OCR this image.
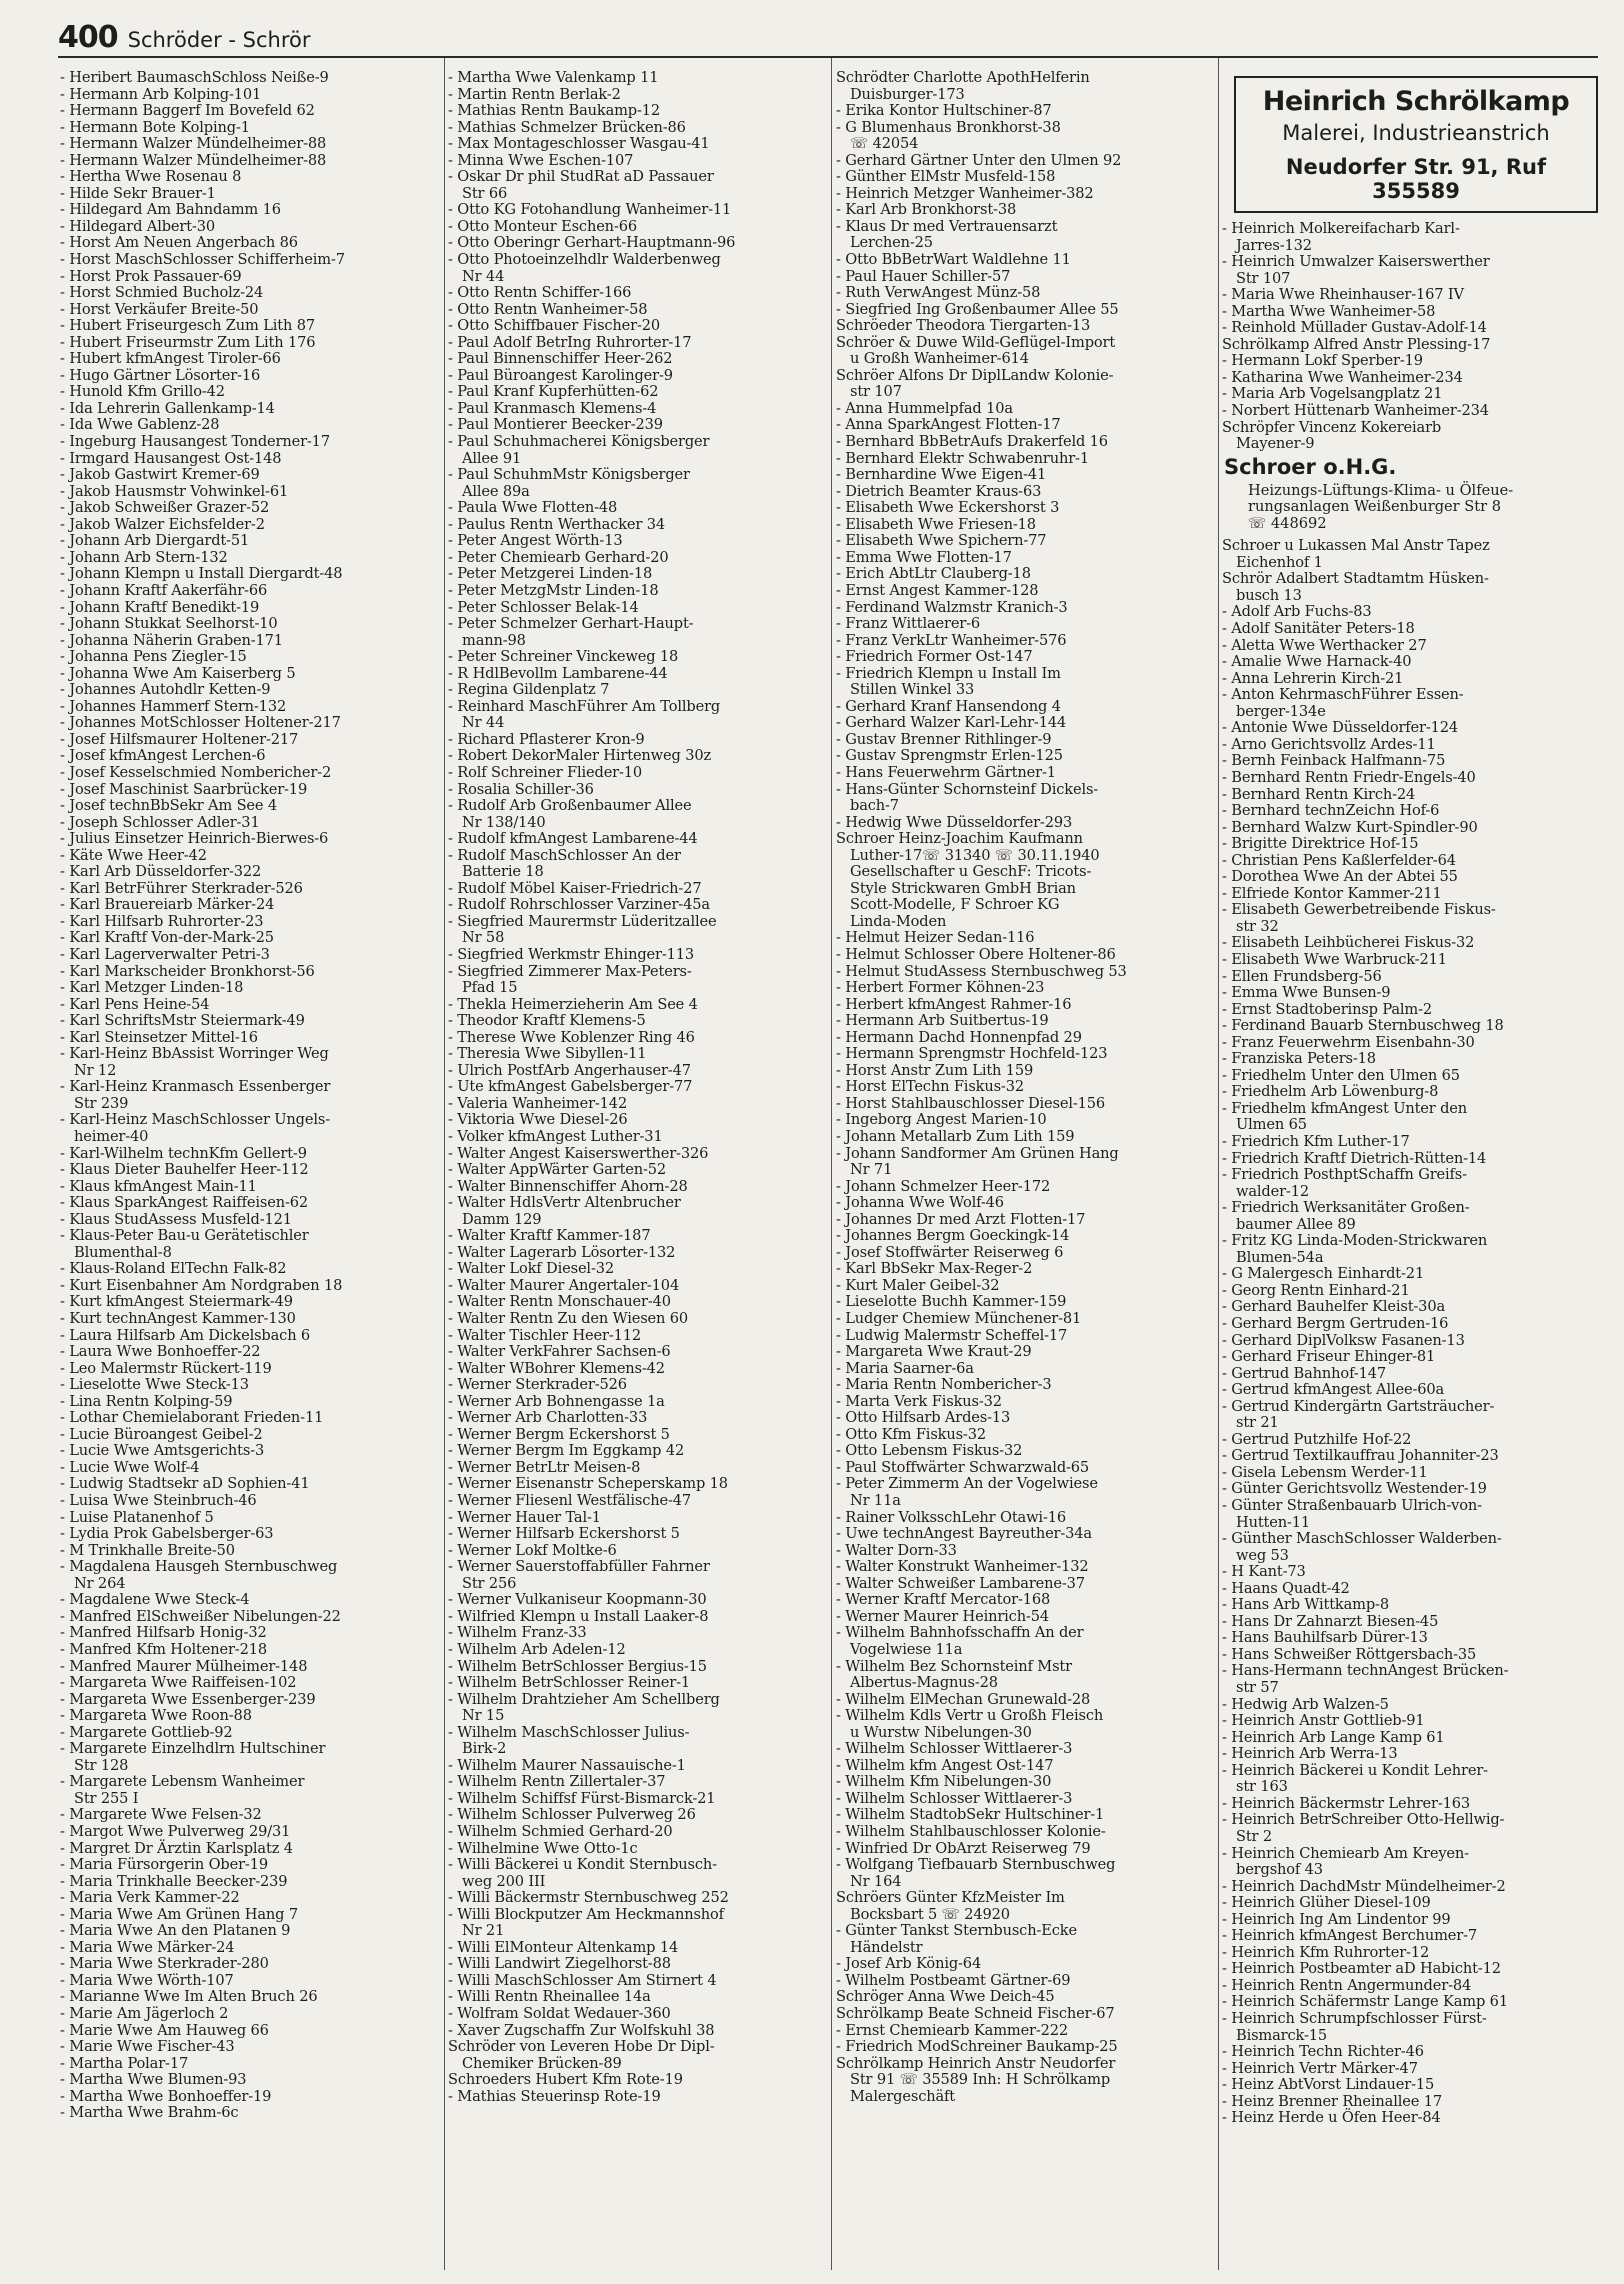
400 Schröder - Schrör
- Heribert BaumaschSchloss Neiße-9
- Hermann Arb Kolping-101
- Hermann Baggerf Im Bovefeld 62
- Hermann Bote Kolping-1
- Hermann Walzer Mündelheimer-88
- Hermann Walzer Mündelheimer-88
- Hertha Wwe Rosenau 8
- Hilde Sekr Brauer-1
- Hildegard Am Bahndamm 16
- Hildegard Albert-30
- Horst Am Neuen Angerbach 86
- Horst MaschSchlosser Schifferheim-7
- Horst Prok Passauer-69
- Horst Schmied Bucholz-24
- Horst Verkäufer Breite-50
- Hubert Friseurgesch Zum Lith 87
- Hubert Friseurmstr Zum Lith 176
- Hubert kfmAngest Tiroler-66
- Hugo Gärtner Lösorter-16
- Hunold Kfm Grillo-42
- Ida Lehrerin Gallenkamp-14
- Ida Wwe Gablenz-28
- Ingeburg Hausangest Tonderner-17
- Irmgard Hausangest Ost-148
- Jakob Gastwirt Kremer-69
- Jakob Hausmstr Vohwinkel-61
- Jakob Schweißer Grazer-52
- Jakob Walzer Eichsfelder-2
- Johann Arb Diergardt-51
- Johann Arb Stern-132
- Johann Klempn u Install Diergardt-48
- Johann Kraftf Aakerfähr-66
- Johann Kraftf Benedikt-19
- Johann Stukkat Seelhorst-10
- Johanna Näherin Graben-171
- Johanna Pens Ziegler-15
- Johanna Wwe Am Kaiserberg 5
- Johannes Autohdlr Ketten-9
- Johannes Hammerf Stern-132
- Johannes MotSchlosser Holtener-217
- Josef Hilfsmaurer Holtener-217
- Josef kfmAngest Lerchen-6
- Josef Kesselschmied Nombericher-2
- Josef Maschinist Saarbrücker-19
- Josef technBbSekr Am See 4
- Joseph Schlosser Adler-31
- Julius Einsetzer Heinrich-Bierwes-6
- Käte Wwe Heer-42
- Karl Arb Düsseldorfer-322
- Karl BetrFührer Sterkrader-526
- Karl Brauereiarb Märker-24
- Karl Hilfsarb Ruhrorter-23
- Karl Kraftf Von-der-Mark-25
- Karl Lagerverwalter Petri-3
- Karl Markscheider Bronkhorst-56
- Karl Metzger Linden-18
- Karl Pens Heine-54
- Karl SchriftsMstr Steiermark-49
- Karl Steinsetzer Mittel-16
- Karl-Heinz BbAssist Worringer Weg
Nr 12
- Karl-Heinz Kranmasch Essenberger
Str 239
- Karl-Heinz MaschSchlosser Ungels-
heimer-40
- Karl-Wilhelm technKfm Gellert-9
- Klaus Dieter Bauhelfer Heer-112
- Klaus kfmAngest Main-11
- Klaus SparkAngest Raiffeisen-62
- Klaus StudAssess Musfeld-121
- Klaus-Peter Bau-u Gerätetischler
Blumenthal-8
- Klaus-Roland ElTechn Falk-82
- Kurt Eisenbahner Am Nordgraben 18
- Kurt kfmAngest Steiermark-49
- Kurt technAngest Kammer-130
- Laura Hilfsarb Am Dickelsbach 6
- Laura Wwe Bonhoeffer-22
- Leo Malermstr Rückert-119
- Lieselotte Wwe Steck-13
- Lina Rentn Kolping-59
- Lothar Chemielaborant Frieden-11
- Lucie Büroangest Geibel-2
- Lucie Wwe Amtsgerichts-3
- Lucie Wwe Wolf-4
- Ludwig Stadtsekr aD Sophien-41
- Luisa Wwe Steinbruch-46
- Luise Platanenhof 5
- Lydia Prok Gabelsberger-63
- M Trinkhalle Breite-50
- Magdalena Hausgeh Sternbuschweg
Nr 264
- Magdalene Wwe Steck-4
- Manfred ElSchweißer Nibelungen-22
- Manfred Hilfsarb Honig-32
- Manfred Kfm Holtener-218
- Manfred Maurer Mülheimer-148
- Margareta Wwe Raiffeisen-102
- Margareta Wwe Essenberger-239
- Margareta Wwe Roon-88
- Margarete Gottlieb-92
- Margarete Einzelhdlrn Hultschiner
Str 128
- Margarete Lebensm Wanheimer
Str 255 I
- Margarete Wwe Felsen-32
- Margot Wwe Pulverweg 29/31
- Margret Dr Ärztin Karlsplatz 4
- Maria Fürsorgerin Ober-19
- Maria Trinkhalle Beecker-239
- Maria Verk Kammer-22
- Maria Wwe Am Grünen Hang 7
- Maria Wwe An den Platanen 9
- Maria Wwe Märker-24
- Maria Wwe Sterkrader-280
- Maria Wwe Wörth-107
- Marianne Wwe Im Alten Bruch 26
- Marie Am Jägerloch 2
- Marie Wwe Am Hauweg 66
- Marie Wwe Fischer-43
- Martha Polar-17
- Martha Wwe Blumen-93
- Martha Wwe Bonhoeffer-19
- Martha Wwe Brahm-6c
- Martha Wwe Valenkamp 11
- Martin Rentn Berlak-2
- Mathias Rentn Baukamp-12
- Mathias Schmelzer Brücken-86
- Max Montageschlosser Wasgau-41
- Minna Wwe Eschen-107
- Oskar Dr phil StudRat aD Passauer
Str 66
- Otto KG Fotohandlung Wanheimer-11
- Otto Monteur Eschen-66
- Otto Oberingr Gerhart-Hauptmann-96
- Otto Photoeinzelhdlr Walderbenweg
Nr 44
- Otto Rentn Schiffer-166
- Otto Rentn Wanheimer-58
- Otto Schiffbauer Fischer-20
- Paul Adolf BetrIng Ruhrorter-17
- Paul Binnenschiffer Heer-262
- Paul Büroangest Karolinger-9
- Paul Kranf Kupferhütten-62
- Paul Kranmasch Klemens-4
- Paul Montierer Beecker-239
- Paul Schuhmacherei Königsberger
Allee 91
- Paul SchuhmMstr Königsberger
Allee 89a
- Paula Wwe Flotten-48
- Paulus Rentn Werthacker 34
- Peter Angest Wörth-13
- Peter Chemiearb Gerhard-20
- Peter Metzgerei Linden-18
- Peter MetzgMstr Linden-18
- Peter Schlosser Belak-14
- Peter Schmelzer Gerhart-Haupt-
mann-98
- Peter Schreiner Vinckeweg 18
- R HdlBevollm Lambarene-44
- Regina Gildenplatz 7
- Reinhard MaschFührer Am Tollberg
Nr 44
- Richard Pflasterer Kron-9
- Robert DekorMaler Hirtenweg 30z
- Rolf Schreiner Flieder-10
- Rosalia Schiller-36
- Rudolf Arb Großenbaumer Allee
Nr 138/140
- Rudolf kfmAngest Lambarene-44
- Rudolf MaschSchlosser An der
Batterie 18
- Rudolf Möbel Kaiser-Friedrich-27
- Rudolf Rohrschlosser Varziner-45a
- Siegfried Maurermstr Lüderitzallee
Nr 58
- Siegfried Werkmstr Ehinger-113
- Siegfried Zimmerer Max-Peters-
Pfad 15
- Thekla Heimerzieherin Am See 4
- Theodor Kraftf Klemens-5
- Therese Wwe Koblenzer Ring 46
- Theresia Wwe Sibyllen-11
- Ulrich PostfArb Angerhauser-47
- Ute kfmAngest Gabelsberger-77
- Valeria Wanheimer-142
- Viktoria Wwe Diesel-26
- Volker kfmAngest Luther-31
- Walter Angest Kaiserswerther-326
- Walter AppWärter Garten-52
- Walter Binnenschiffer Ahorn-28
- Walter HdlsVertr Altenbrucher
Damm 129
- Walter Kraftf Kammer-187
- Walter Lagerarb Lösorter-132
- Walter Lokf Diesel-32
- Walter Maurer Angertaler-104
- Walter Rentn Monschauer-40
- Walter Rentn Zu den Wiesen 60
- Walter Tischler Heer-112
- Walter VerkFahrer Sachsen-6
- Walter WBohrer Klemens-42
- Werner Sterkrader-526
- Werner Arb Bohnengasse 1a
- Werner Arb Charlotten-33
- Werner Bergm Eckershorst 5
- Werner Bergm Im Eggkamp 42
- Werner BetrLtr Meisen-8
- Werner Eisenanstr Scheperskamp 18
- Werner Fliesenl Westfälische-47
- Werner Hauer Tal-1
- Werner Hilfsarb Eckershorst 5
- Werner Lokf Moltke-6
- Werner Sauerstoffabfüller Fahrner
Str 256
- Werner Vulkaniseur Koopmann-30
- Wilfried Klempn u Install Laaker-8
- Wilhelm Franz-33
- Wilhelm Arb Adelen-12
- Wilhelm BetrSchlosser Bergius-15
- Wilhelm BetrSchlosser Reiner-1
- Wilhelm Drahtzieher Am Schellberg
Nr 15
- Wilhelm MaschSchlosser Julius-
Birk-2
- Wilhelm Maurer Nassauische-1
- Wilhelm Rentn Zillertaler-37
- Wilhelm Schiffsf Fürst-Bismarck-21
- Wilhelm Schlosser Pulverweg 26
- Wilhelm Schmied Gerhard-20
- Wilhelmine Wwe Otto-1c
- Willi Bäckerei u Kondit Sternbusch-
weg 200 III
- Willi Bäckermstr Sternbuschweg 252
- Willi Blockputzer Am Heckmannshof
Nr 21
- Willi ElMonteur Altenkamp 14
- Willi Landwirt Ziegelhorst-88
- Willi MaschSchlosser Am Stirnert 4
- Willi Rentn Rheinallee 14a
- Wolfram Soldat Wedauer-360
- Xaver Zugschaffn Zur Wolfskuhl 38
Schröder von Leveren Hobe Dr Dipl-
Chemiker Brücken-89
Schroeders Hubert Kfm Rote-19
- Mathias Steuerinsp Rote-19
Schrödter Charlotte ApothHelferin
Duisburger-173
- Erika Kontor Hultschiner-87
- G Blumenhaus Bronkhorst-38
☏ 42054
- Gerhard Gärtner Unter den Ulmen 92
- Günther ElMstr Musfeld-158
- Heinrich Metzger Wanheimer-382
- Karl Arb Bronkhorst-38
- Klaus Dr med Vertrauensarzt
Lerchen-25
- Otto BbBetrWart Waldlehne 11
- Paul Hauer Schiller-57
- Ruth VerwAngest Münz-58
- Siegfried Ing Großenbaumer Allee 55
Schröeder Theodora Tiergarten-13
Schröer & Duwe Wild-Geflügel-Import
u Großh Wanheimer-614
Schröer Alfons Dr DiplLandw Kolonie-
str 107
- Anna Hummelpfad 10a
- Anna SparkAngest Flotten-17
- Bernhard BbBetrAufs Drakerfeld 16
- Bernhard Elektr Schwabenruhr-1
- Bernhardine Wwe Eigen-41
- Dietrich Beamter Kraus-63
- Elisabeth Wwe Eckershorst 3
- Elisabeth Wwe Friesen-18
- Elisabeth Wwe Spichern-77
- Emma Wwe Flotten-17
- Erich AbtLtr Clauberg-18
- Ernst Angest Kammer-128
- Ferdinand Walzmstr Kranich-3
- Franz Wittlaerer-6
- Franz VerkLtr Wanheimer-576
- Friedrich Former Ost-147
- Friedrich Klempn u Install Im
Stillen Winkel 33
- Gerhard Kranf Hansendong 4
- Gerhard Walzer Karl-Lehr-144
- Gustav Brenner Rithlinger-9
- Gustav Sprengmstr Erlen-125
- Hans Feuerwehrm Gärtner-1
- Hans-Günter Schornsteinf Dickels-
bach-7
- Hedwig Wwe Düsseldorfer-293
Schroer Heinz-Joachim Kaufmann
Luther-17☏ 31340 ☏ 30.11.1940
Gesellschafter u GeschF: Tricots-
Style Strickwaren GmbH Brian
Scott-Modelle, F Schroer KG
Linda-Moden
- Helmut Heizer Sedan-116
- Helmut Schlosser Obere Holtener-86
- Helmut StudAssess Sternbuschweg 53
- Herbert Former Köhnen-23
- Herbert kfmAngest Rahmer-16
- Hermann Arb Suitbertus-19
- Hermann Dachd Honnenpfad 29
- Hermann Sprengmstr Hochfeld-123
- Horst Anstr Zum Lith 159
- Horst ElTechn Fiskus-32
- Horst Stahlbauschlosser Diesel-156
- Ingeborg Angest Marien-10
- Johann Metallarb Zum Lith 159
- Johann Sandformer Am Grünen Hang
Nr 71
- Johann Schmelzer Heer-172
- Johanna Wwe Wolf-46
- Johannes Dr med Arzt Flotten-17
- Johannes Bergm Goeckingk-14
- Josef Stoffwärter Reiserweg 6
- Karl BbSekr Max-Reger-2
- Kurt Maler Geibel-32
- Lieselotte Buchh Kammer-159
- Ludger Chemiew Münchener-81
- Ludwig Malermstr Scheffel-17
- Margareta Wwe Kraut-29
- Maria Saarner-6a
- Maria Rentn Nombericher-3
- Marta Verk Fiskus-32
- Otto Hilfsarb Ardes-13
- Otto Kfm Fiskus-32
- Otto Lebensm Fiskus-32
- Paul Stoffwärter Schwarzwald-65
- Peter Zimmerm An der Vogelwiese
Nr 11a
- Rainer VolksschLehr Otawi-16
- Uwe technAngest Bayreuther-34a
- Walter Dorn-33
- Walter Konstrukt Wanheimer-132
- Walter Schweißer Lambarene-37
- Werner Kraftf Mercator-168
- Werner Maurer Heinrich-54
- Wilhelm Bahnhofsschaffn An der
Vogelwiese 11a
- Wilhelm Bez Schornsteinf Mstr
Albertus-Magnus-28
- Wilhelm ElMechan Grunewald-28
- Wilhelm Kdls Vertr u Großh Fleisch
u Wurstw Nibelungen-30
- Wilhelm Schlosser Wittlaerer-3
- Wilhelm kfm Angest Ost-147
- Wilhelm Kfm Nibelungen-30
- Wilhelm Schlosser Wittlaerer-3
- Wilhelm StadtobSekr Hultschiner-1
- Wilhelm Stahlbauschlosser Kolonie-
- Winfried Dr ObArzt Reiserweg 79
- Wolfgang Tiefbauarb Sternbuschweg
Nr 164
Schröers Günter KfzMeister Im
Bocksbart 5 ☏ 24920
- Günter Tankst Sternbusch-Ecke
Händelstr
- Josef Arb König-64
- Wilhelm Postbeamt Gärtner-69
Schröger Anna Wwe Deich-45
Schrölkamp Beate Schneid Fischer-67
- Ernst Chemiearb Kammer-222
- Friedrich ModSchreiner Baukamp-25
Schrölkamp Heinrich Anstr Neudorfer
Str 91 ☏ 35589 Inh: H Schrölkamp
Malergeschäft
Heinrich Schrölkamp
Malerei, Industrieanstrich
Neudorfer Str. 91, Ruf 355589
- Heinrich Molkereifacharb Karl-
Jarres-132
- Heinrich Umwalzer Kaiserswerther
Str 107
- Maria Wwe Rheinhauser-167 IV
- Martha Wwe Wanheimer-58
- Reinhold Müllader Gustav-Adolf-14
Schrölkamp Alfred Anstr Plessing-17
- Hermann Lokf Sperber-19
- Katharina Wwe Wanheimer-234
- Maria Arb Vogelsangplatz 21
- Norbert Hüttenarb Wanheimer-234
Schröpfer Vincenz Kokereiarb
Mayener-9
Schroer o.H.G.
Heizungs-Lüftungs-Klima- u Ölfeue-
rungsanlagen Weißenburger Str 8
☏ 448692
Schroer u Lukassen Mal Anstr Tapez
Eichenhof 1
Schrör Adalbert Stadtamtm Hüsken-
busch 13
- Adolf Arb Fuchs-83
- Adolf Sanitäter Peters-18
- Aletta Wwe Werthacker 27
- Amalie Wwe Harnack-40
- Anna Lehrerin Kirch-21
- Anton KehrmaschFührer Essen-
berger-134e
- Antonie Wwe Düsseldorfer-124
- Arno Gerichtsvollz Ardes-11
- Bernh Feinback Halfmann-75
- Bernhard Rentn Friedr-Engels-40
- Bernhard Rentn Kirch-24
- Bernhard technZeichn Hof-6
- Bernhard Walzw Kurt-Spindler-90
- Brigitte Direktrice Hof-15
- Christian Pens Kaßlerfelder-64
- Dorothea Wwe An der Abtei 55
- Elfriede Kontor Kammer-211
- Elisabeth Gewerbetreibende Fiskus-
str 32
- Elisabeth Leihbücherei Fiskus-32
- Elisabeth Wwe Warbruck-211
- Ellen Frundsberg-56
- Emma Wwe Bunsen-9
- Ernst Stadtoberinsp Palm-2
- Ferdinand Bauarb Sternbuschweg 18
- Franz Feuerwehrm Eisenbahn-30
- Franziska Peters-18
- Friedhelm Unter den Ulmen 65
- Friedhelm Arb Löwenburg-8
- Friedhelm kfmAngest Unter den
Ulmen 65
- Friedrich Kfm Luther-17
- Friedrich Kraftf Dietrich-Rütten-14
- Friedrich PosthptSchaffn Greifs-
walder-12
- Friedrich Werksanitäter Großen-
baumer Allee 89
- Fritz KG Linda-Moden-Strickwaren
Blumen-54a
- G Malergesch Einhardt-21
- Georg Rentn Einhard-21
- Gerhard Bauhelfer Kleist-30a
- Gerhard Bergm Gertruden-16
- Gerhard DiplVolksw Fasanen-13
- Gerhard Friseur Ehinger-81
- Gertrud Bahnhof-147
- Gertrud kfmAngest Allee-60a
- Gertrud Kindergärtn Gartsträucher-
str 21
- Gertrud Putzhilfe Hof-22
- Gertrud Textilkauffrau Johanniter-23
- Gisela Lebensm Werder-11
- Günter Gerichtsvollz Westender-19
- Günter Straßenbauarb Ulrich-von-
Hutten-11
- Günther MaschSchlosser Walderben-
weg 53
- H Kant-73
- Haans Quadt-42
- Hans Arb Wittkamp-8
- Hans Dr Zahnarzt Biesen-45
- Hans Bauhilfsarb Dürer-13
- Hans Schweißer Röttgersbach-35
- Hans-Hermann technAngest Brücken-
str 57
- Hedwig Arb Walzen-5
- Heinrich Anstr Gottlieb-91
- Heinrich Arb Lange Kamp 61
- Heinrich Arb Werra-13
- Heinrich Bäckerei u Kondit Lehrer-
str 163
- Heinrich Bäckermstr Lehrer-163
- Heinrich BetrSchreiber Otto-Hellwig-
Str 2
- Heinrich Chemiearb Am Kreyen-
bergshof 43
- Heinrich DachdMstr Mündelheimer-2
- Heinrich Glüher Diesel-109
- Heinrich Ing Am Lindentor 99
- Heinrich kfmAngest Berchumer-7
- Heinrich Kfm Ruhrorter-12
- Heinrich Postbeamter aD Habicht-12
- Heinrich Rentn Angermunder-84
- Heinrich Schäfermstr Lange Kamp 61
- Heinrich Schrumpfschlosser Fürst-
Bismarck-15
- Heinrich Techn Richter-46
- Heinrich Vertr Märker-47
- Heinz AbtVorst Lindauer-15
- Heinz Brenner Rheinallee 17
- Heinz Herde u Öfen Heer-84
